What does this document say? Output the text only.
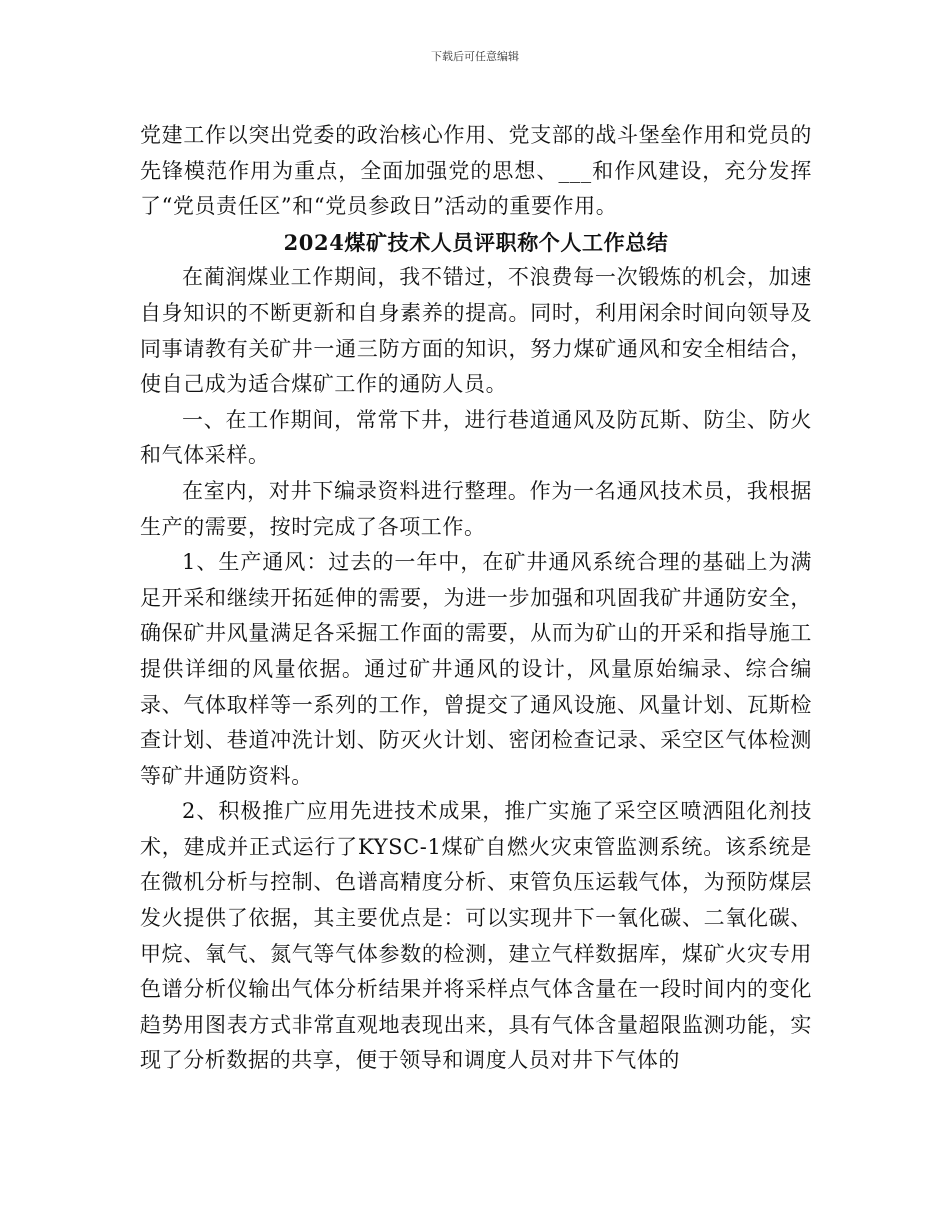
下载后可任意编辑

党建工作以突出党委的政治核心作用、党支部的战斗堡垒作用和党员的先锋模范作用为重点，全面加强党的思想、___和作风建设，充分发挥了“党员责任区”和“党员参政日”活动的重要作用。

2024煤矿技术人员评职称个人工作总结

在蔺润煤业工作期间，我不错过，不浪费每一次锻炼的机会，加速自身知识的不断更新和自身素养的提高。同时，利用闲余时间向领导及同事请教有关矿井一通三防方面的知识，努力煤矿通风和安全相结合，使自己成为适合煤矿工作的通防人员。

一、在工作期间，常常下井，进行巷道通风及防瓦斯、防尘、防火和气体采样。

在室内，对井下编录资料进行整理。作为一名通风技术员，我根据生产的需要，按时完成了各项工作。

1、生产通风：过去的一年中，在矿井通风系统合理的基础上为满足开采和继续开拓延伸的需要，为进一步加强和巩固我矿井通防安全，确保矿井风量满足各采掘工作面的需要，从而为矿山的开采和指导施工提供详细的风量依据。通过矿井通风的设计，风量原始编录、综合编录、气体取样等一系列的工作，曾提交了通风设施、风量计划、瓦斯检查计划、巷道冲洗计划、防灭火计划、密闭检查记录、采空区气体检测等矿井通防资料。

2、积极推广应用先进技术成果，推广实施了采空区喷洒阻化剂技术，建成并正式运行了KYSC-1煤矿自燃火灾束管监测系统。该系统是在微机分析与控制、色谱高精度分析、束管负压运载气体，为预防煤层发火提供了依据，其主要优点是：可以实现井下一氧化碳、二氧化碳、甲烷、氧气、氮气等气体参数的检测，建立气样数据库，煤矿火灾专用色谱分析仪输出气体分析结果并将采样点气体含量在一段时间内的变化趋势用图表方式非常直观地表现出来，具有气体含量超限监测功能，实现了分析数据的共享，便于领导和调度人员对井下气体的
